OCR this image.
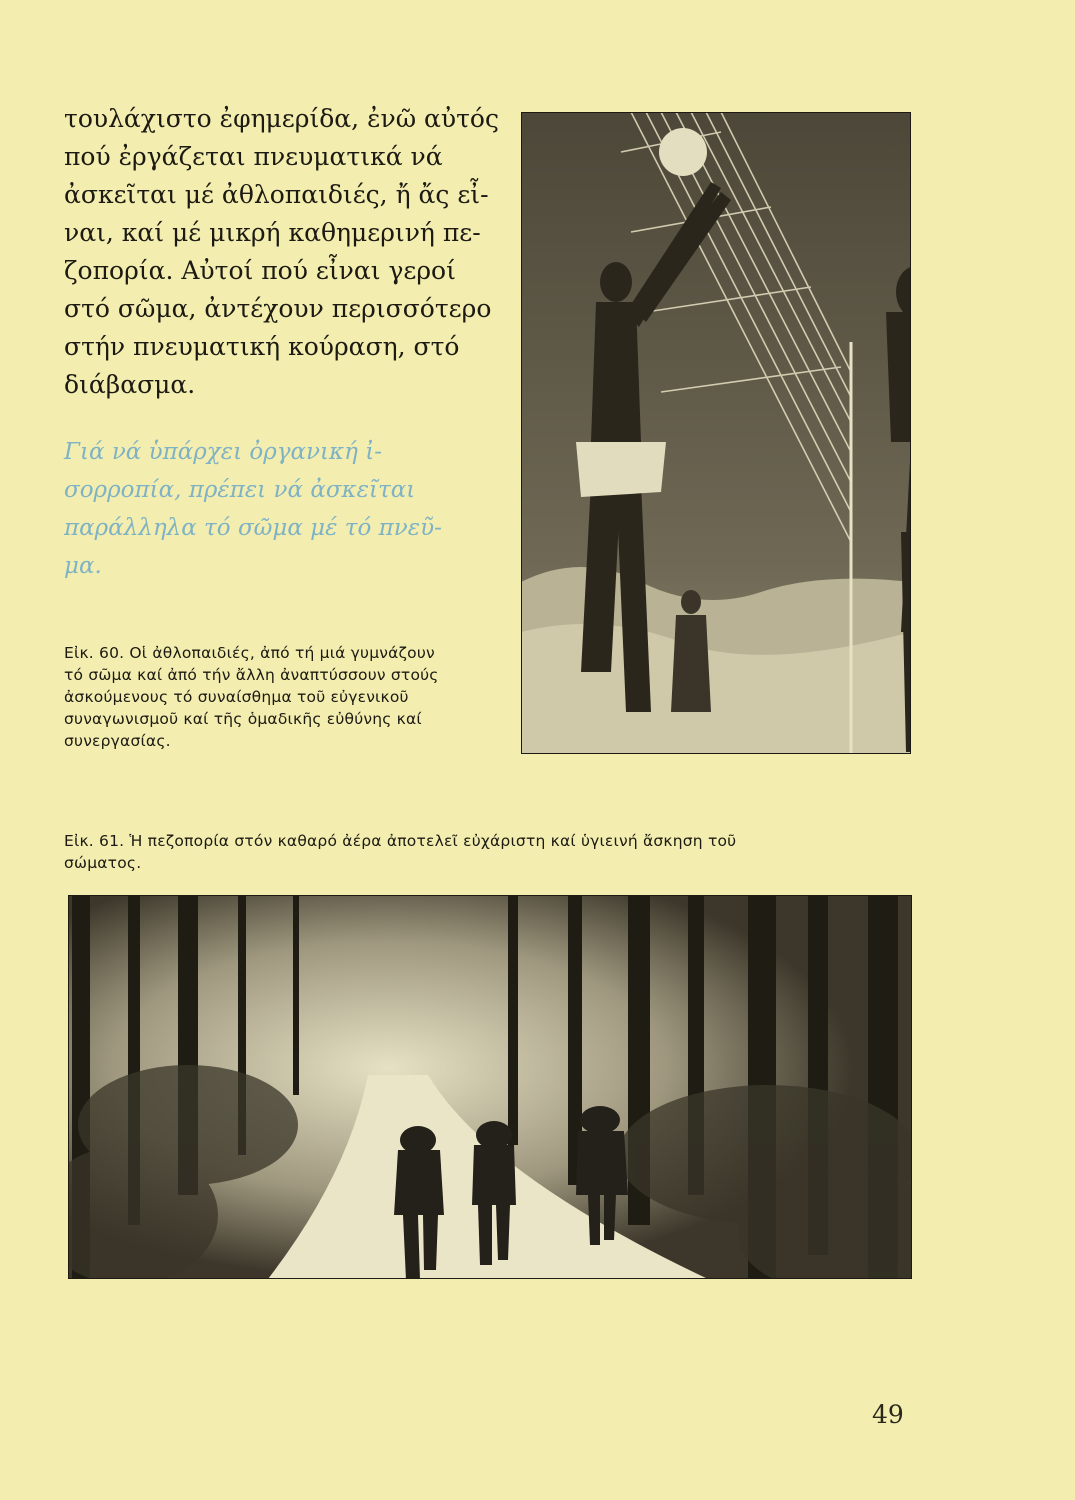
τουλάχιστο ἐφημερίδα, ἐνῶ αὐτός
πού ἐργάζεται πνευματικά νά
ἀσκεῖται μέ ἀθλοπαιδιές, ἤ ἄς εἶ-
ναι, καί μέ μικρή καθημερινή πε-
ζοπορία. Αὐτοί πού εἶναι γεροί
στό σῶμα, ἀντέχουν περισσότερο
στήν πνευματική κούραση, στό
διάβασμα.
Γιά νά ὑπάρχει ὀργανική ἰ-
σορροπία, πρέπει νά ἀσκεῖται
παράλληλα τό σῶμα μέ τό πνεῦ-
μα.
Εἰκ. 60. Οἱ ἀθλοπαιδιές, ἀπό τή μιά γυμνάζουν
τό σῶμα καί ἀπό τήν ἄλλη ἀναπτύσσουν στούς
ἀσκούμενους τό συναίσθημα τοῦ εὐγενικοῦ
συναγωνισμοῦ καί τῆς ὁμαδικῆς εὐθύνης καί
συνεργασίας.
Εἰκ. 61. Ἡ πεζοπορία στόν καθαρό ἀέρα ἀποτελεῖ εὐχάριστη καί ὑγιεινή ἄσκηση τοῦ
σώματος.
49
